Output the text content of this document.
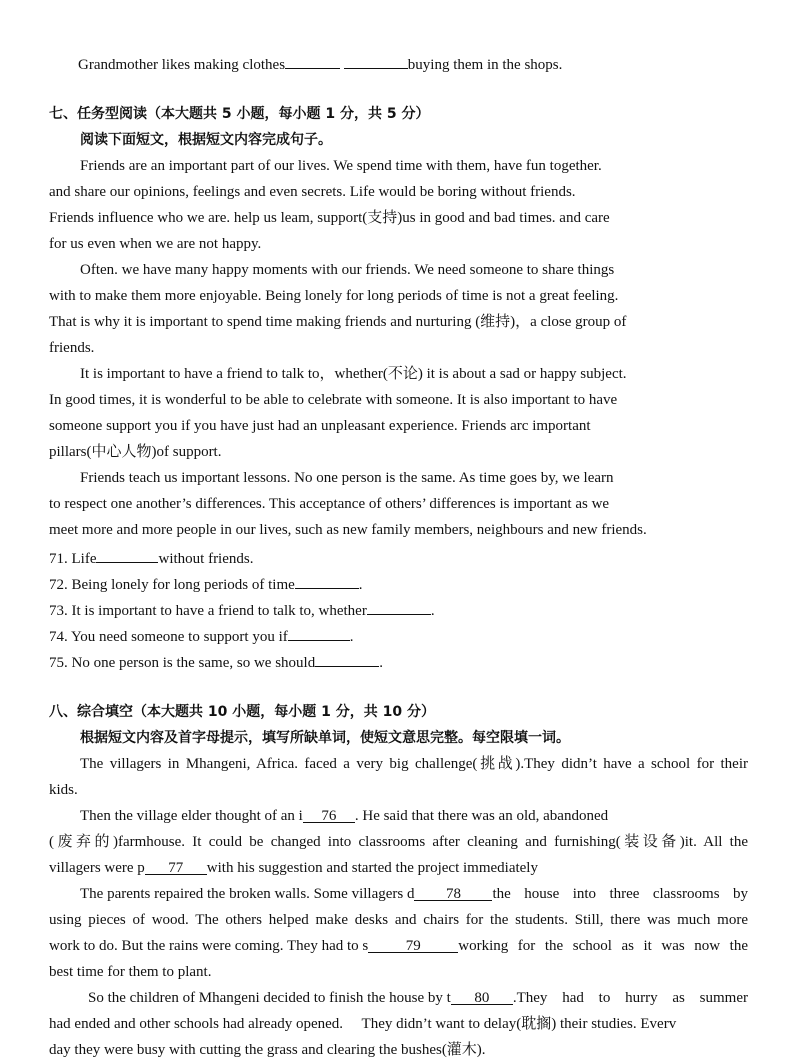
Grandmother likes making clothes	buying them in the shops.
七、任务型阅读（本大题共 5 小题，每小题 1 分，共 5 分）
阅读下面短文，根据短文内容完成句子。
Friends are an important part of our lives. We spend time with them, have fun together.
and share our opinions, feelings and even secrets. Life would be boring without friends.
Friends influence who we are. help us leam, support(支持)us in good and bad times. and care
for us even when we are not happy.
Often. we have many happy moments with our friends. We need someone to share things
with to make them more enjoyable. Being lonely for long periods of time is not a great feeling.
That is why it is important to spend time making friends and nurturing (维持)，a close group of
friends.
It is important to have a friend to talk to，whether(不论) it is about a sad or happy subject.
In good times, it is wonderful to be able to celebrate with someone. It is also important to have
someone support you if you have just had an unpleasant experience. Friends arc important
pillars(中心人物)of support.
Friends teach us important lessons. No one person is the same. As time goes by, we learn
to respect one another’s differences. This acceptance of others’ differences is important as we
meet more and more people in our lives, such as new family members, neighbours and new friends.
71. Life	without friends.
72. Being lonely for long periods of time	.
73. It is important to have a friend to talk to, whether	.
74. You need someone to support you if	.
75. No one person is the same, so we should	.
八、综合填空（本大题共 10 小题，每小题 1 分，共 10 分）
根据短文内容及首字母提示，填写所缺单词，使短文意思完整。每空限填一词。
The villagers in Mhangeni, Africa. faced a very big challenge(挑战).They didn’t have a school for their
kids.
Then the village elder thought of an i 76 . He said that there was an old, abandoned
(废弃的)farmhouse. It could be changed into classrooms after cleaning and furnishing(装设备)it. All the
villagers were p 77 with his suggestion and started the project immediately
The parents repaired the broken walls. Some villagers d	78	the house into three classrooms by
using pieces of wood. The others helped make desks and chairs for the students. Still, there was much more
work to do. But the rains were coming. They had to s	79	working for the school as it was now the
best time for them to plant.
So the children of Mhangeni decided to finish the house by t	80	.They had to hurry as summer
had ended and other schools had already opened.     They didn’t want to delay(耽搁) their studies. Everv
day they were busy with cutting the grass and clearing the bushes(灌木).
